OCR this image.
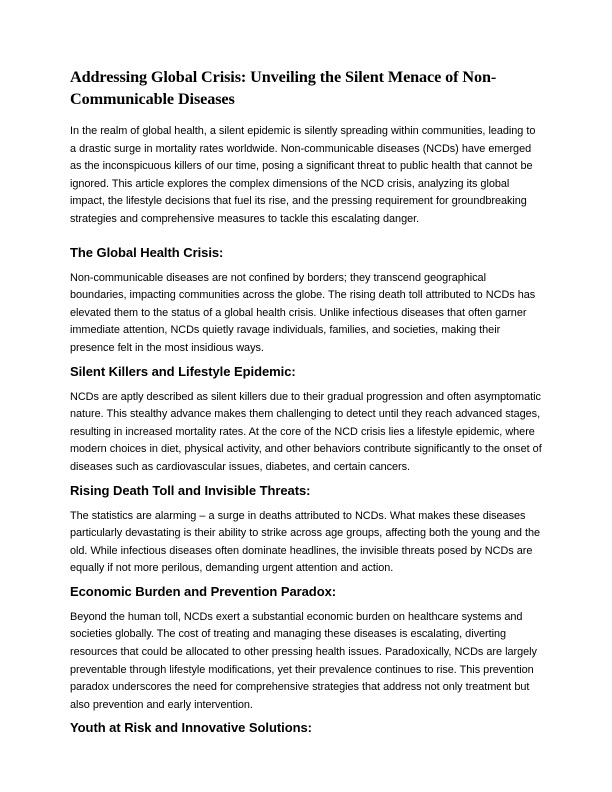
Addressing Global Crisis: Unveiling the Silent Menace of Non-Communicable Diseases

In the realm of global health, a silent epidemic is silently spreading within communities, leading to a drastic surge in mortality rates worldwide. Non-communicable diseases (NCDs) have emerged as the inconspicuous killers of our time, posing a significant threat to public health that cannot be ignored. This article explores the complex dimensions of the NCD crisis, analyzing its global impact, the lifestyle decisions that fuel its rise, and the pressing requirement for groundbreaking strategies and comprehensive measures to tackle this escalating danger.

The Global Health Crisis:

Non-communicable diseases are not confined by borders; they transcend geographical boundaries, impacting communities across the globe. The rising death toll attributed to NCDs has elevated them to the status of a global health crisis. Unlike infectious diseases that often garner immediate attention, NCDs quietly ravage individuals, families, and societies, making their presence felt in the most insidious ways.

Silent Killers and Lifestyle Epidemic:

NCDs are aptly described as silent killers due to their gradual progression and often asymptomatic nature. This stealthy advance makes them challenging to detect until they reach advanced stages, resulting in increased mortality rates. At the core of the NCD crisis lies a lifestyle epidemic, where modern choices in diet, physical activity, and other behaviors contribute significantly to the onset of diseases such as cardiovascular issues, diabetes, and certain cancers.

Rising Death Toll and Invisible Threats:

The statistics are alarming – a surge in deaths attributed to NCDs. What makes these diseases particularly devastating is their ability to strike across age groups, affecting both the young and the old. While infectious diseases often dominate headlines, the invisible threats posed by NCDs are equally if not more perilous, demanding urgent attention and action.

Economic Burden and Prevention Paradox:

Beyond the human toll, NCDs exert a substantial economic burden on healthcare systems and societies globally. The cost of treating and managing these diseases is escalating, diverting resources that could be allocated to other pressing health issues. Paradoxically, NCDs are largely preventable through lifestyle modifications, yet their prevalence continues to rise. This prevention paradox underscores the need for comprehensive strategies that address not only treatment but also prevention and early intervention.

Youth at Risk and Innovative Solutions:
